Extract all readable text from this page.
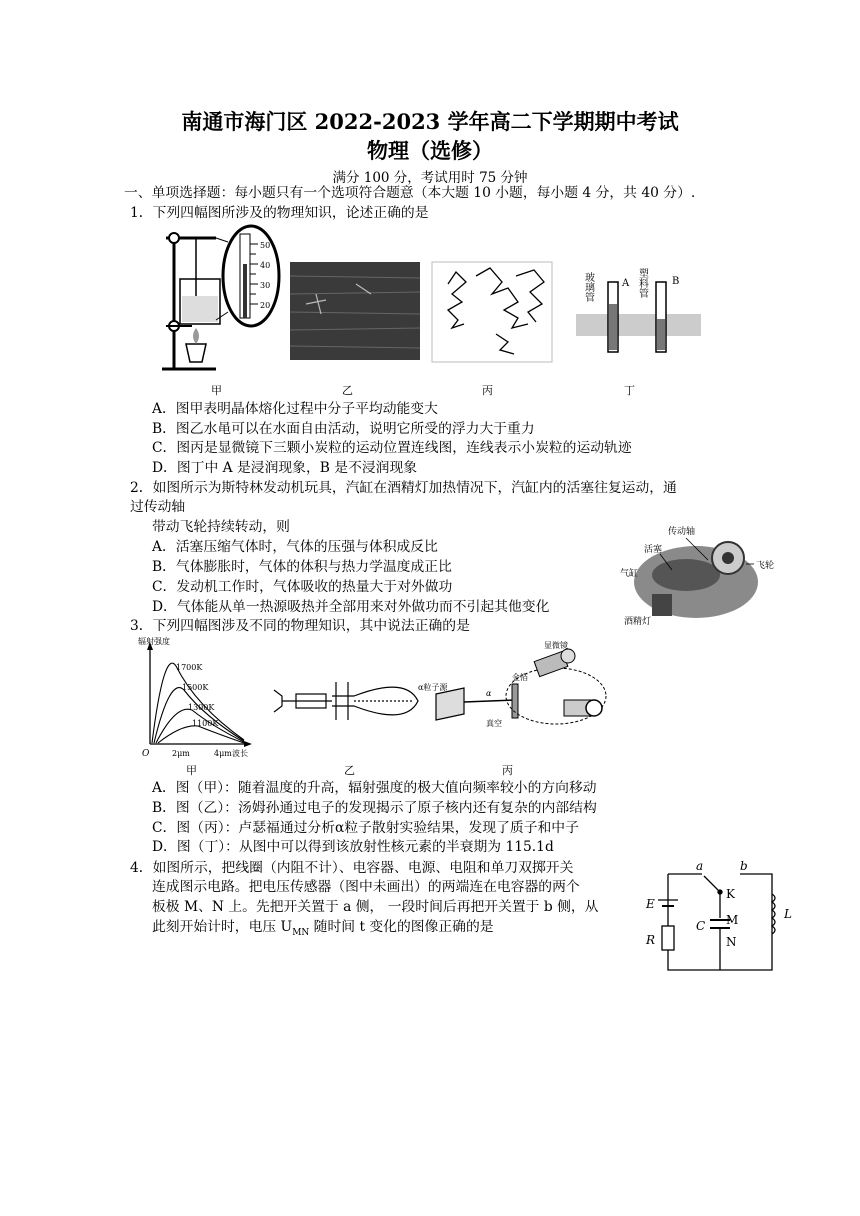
南通市海门区 2022-2023 学年高二下学期期中考试
物理（选修）
满分 100 分，考试用时 75 分钟
一、单项选择题：每小题只有一个选项符合题意（本大题 10 小题，每小题 4 分，共 40 分）.
1．下列四幅图所涉及的物理知识，论述正确的是
50
40
30
20
玻璃管	A 塑料管 B
甲	乙	丙	丁
A．图甲表明晶体熔化过程中分子平均动能变大
B．图乙水黾可以在水面自由活动，说明它所受的浮力大于重力
C．图丙是显微镜下三颗小炭粒的运动位置连线图，连线表示小炭粒的运动轨迹
D．图丁中 A 是浸润现象，B 是不浸润现象
2．如图所示为斯特林发动机玩具，汽缸在酒精灯加热情况下，汽缸内的活塞往复运动，通
过传动轴
带动飞轮持续转动，则
A．活塞压缩气体时，气体的压强与体积成反比
B．气体膨胀时，气体的体积与热力学温度成正比
C．发动机工作时，气体吸收的热量大于对外做功
D．气体能从单一热源吸热并全部用来对外做功而不引起其他变化
传动轴
活塞
气缸
飞轮
酒精灯
3．下列四幅图涉及不同的物理知识，其中说法正确的是
辐射强度
O	2μm	4μm 波长
1700K
1500K
1300K
1100K
甲	乙
α粒子源
金箔
显微镜
真空
α
丙
A．图（甲）：随着温度的升高，辐射强度的极大值向频率较小的方向移动
B．图（乙）：汤姆孙通过电子的发现揭示了原子核内还有复杂的内部结构
C．图（丙）：卢瑟福通过分析α粒子散射实验结果，发现了质子和中子
D．图（丁）：从图中可以得到该放射性核元素的半衰期为 115.1d
4．如图所示，把线圈（内阻不计）、电容器、电源、电阻和单刀双掷开关
连成图示电路。把电压传感器（图中未画出）的两端连在电容器的两个
板极 M、N 上。先把开关置于 a 侧， 一段时间后再把开关置于 b 侧，从
此刻开始计时，电压 $U_{MN}$ 随时间 t 变化的图像正确的是
a	b
K
M
N
E
R
C
L
